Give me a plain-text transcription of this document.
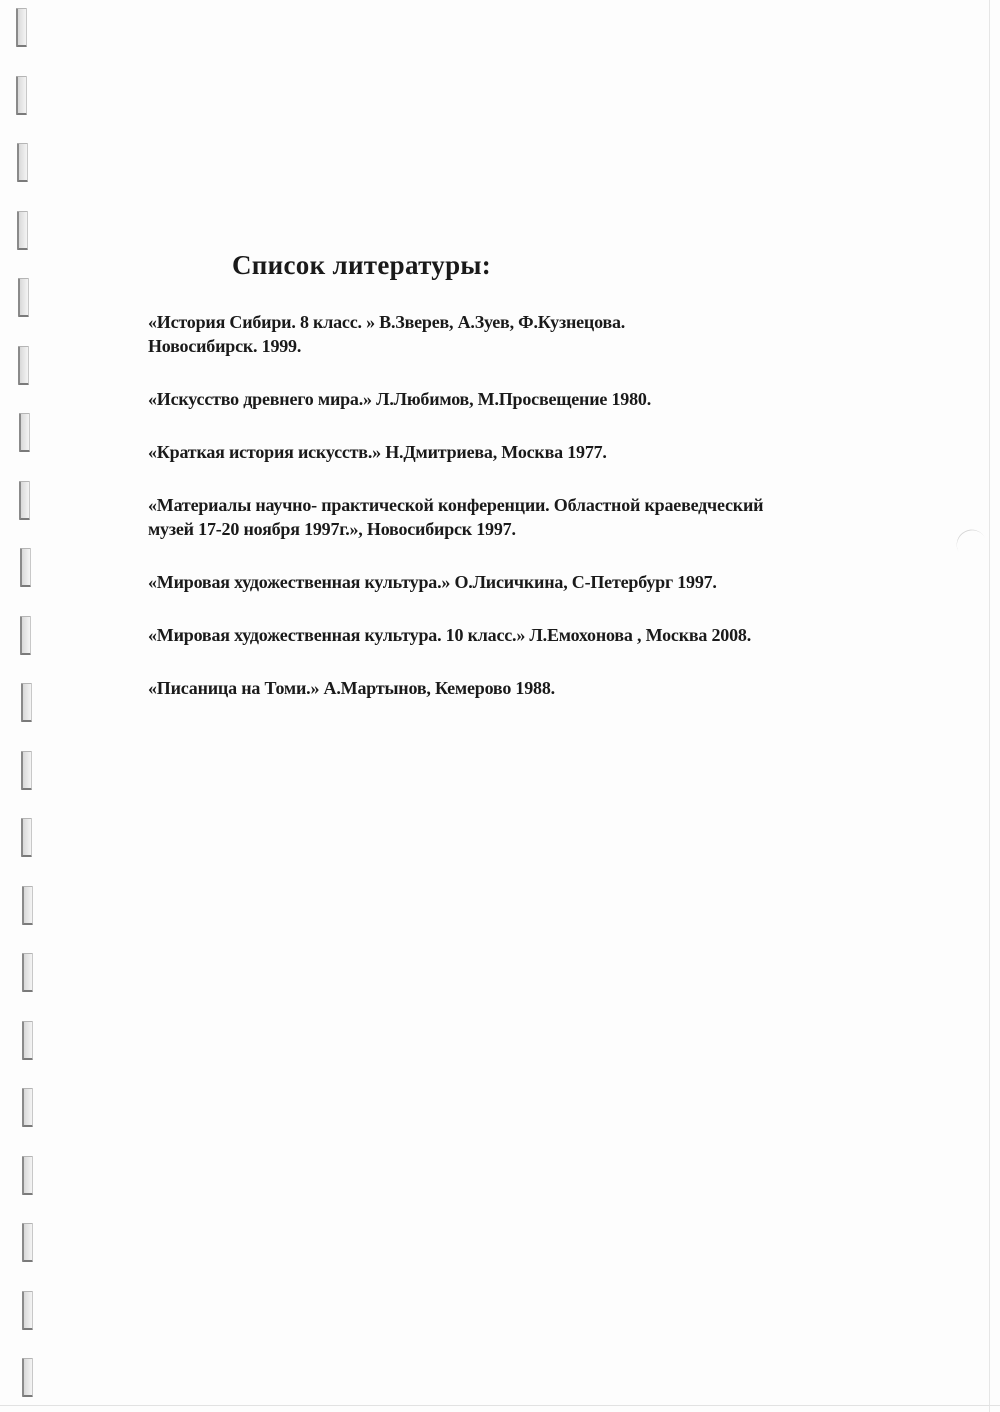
Список литературы:
«История Сибири. 8 класс. » В.Зверев, А.Зуев, Ф.Кузнецова.
Новосибирск. 1999.
«Искусство древнего мира.» Л.Любимов, М.Просвещение 1980.
«Краткая история искусств.» Н.Дмитриева, Москва 1977.
«Материалы научно- практической конференции. Областной краеведческий
музей 17-20 ноября 1997г.», Новосибирск 1997.
«Мировая художественная культура.» О.Лисичкина, С-Петербург 1997.
«Мировая художественная культура. 10 класс.» Л.Емохонова , Москва 2008.
«Писаница на Томи.» А.Мартынов, Кемерово 1988.
